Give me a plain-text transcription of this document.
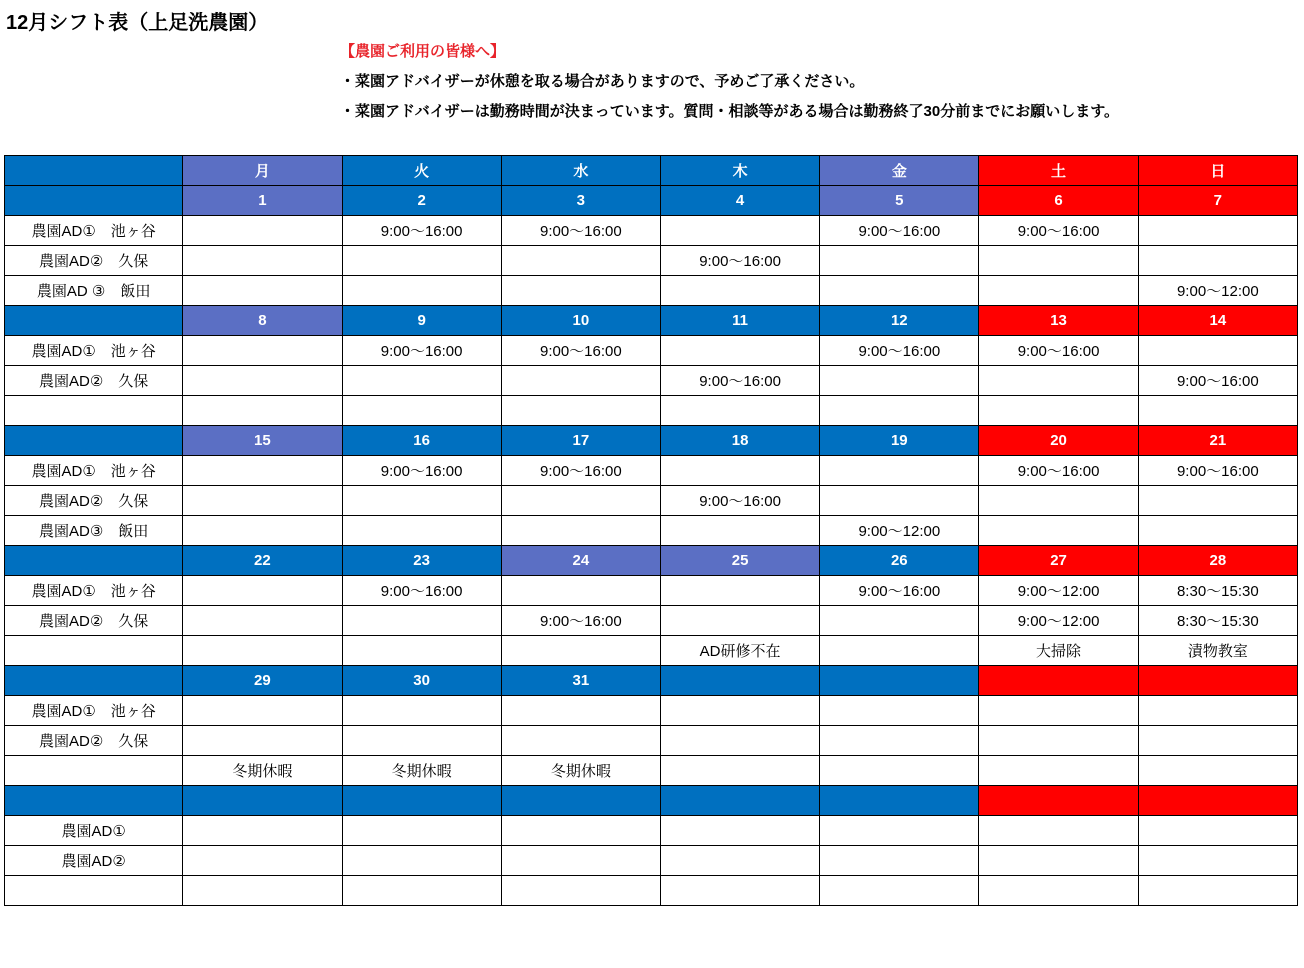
12月シフト表（上足洗農園）
【農園ご利用の皆様へ】
・菜園アドバイザーが休憩を取る場合がありますので、予めご了承ください。
・菜園アドバイザーは勤務時間が決まっています。質問・相談等がある場合は勤務終了30分前までにお願いします。
	月	火	水	木	金	土	日
	1	2	3	4	5	6	7
農園AD①　池ヶ谷		9:00〜16:00	9:00〜16:00		9:00〜16:00	9:00〜16:00	
農園AD②　久保				9:00〜16:00			
農園AD ③　飯田							9:00〜12:00
	8	9	10	11	12	13	14
農園AD①　池ヶ谷		9:00〜16:00	9:00〜16:00		9:00〜16:00	9:00〜16:00	
農園AD②　久保				9:00〜16:00			9:00〜16:00

	15	16	17	18	19	20	21
農園AD①　池ヶ谷		9:00〜16:00	9:00〜16:00			9:00〜16:00	9:00〜16:00
農園AD②　久保				9:00〜16:00			
農園AD③　飯田					9:00〜12:00		
	22	23	24	25	26	27	28
農園AD①　池ヶ谷		9:00〜16:00			9:00〜16:00	9:00〜12:00	8:30〜15:30
農園AD②　久保			9:00〜16:00			9:00〜12:00	8:30〜15:30
				AD研修不在		大掃除	漬物教室
	29	30	31				
農園AD①　池ヶ谷							
農園AD②　久保							
	冬期休暇	冬期休暇	冬期休暇				

農園AD①							
農園AD②							
